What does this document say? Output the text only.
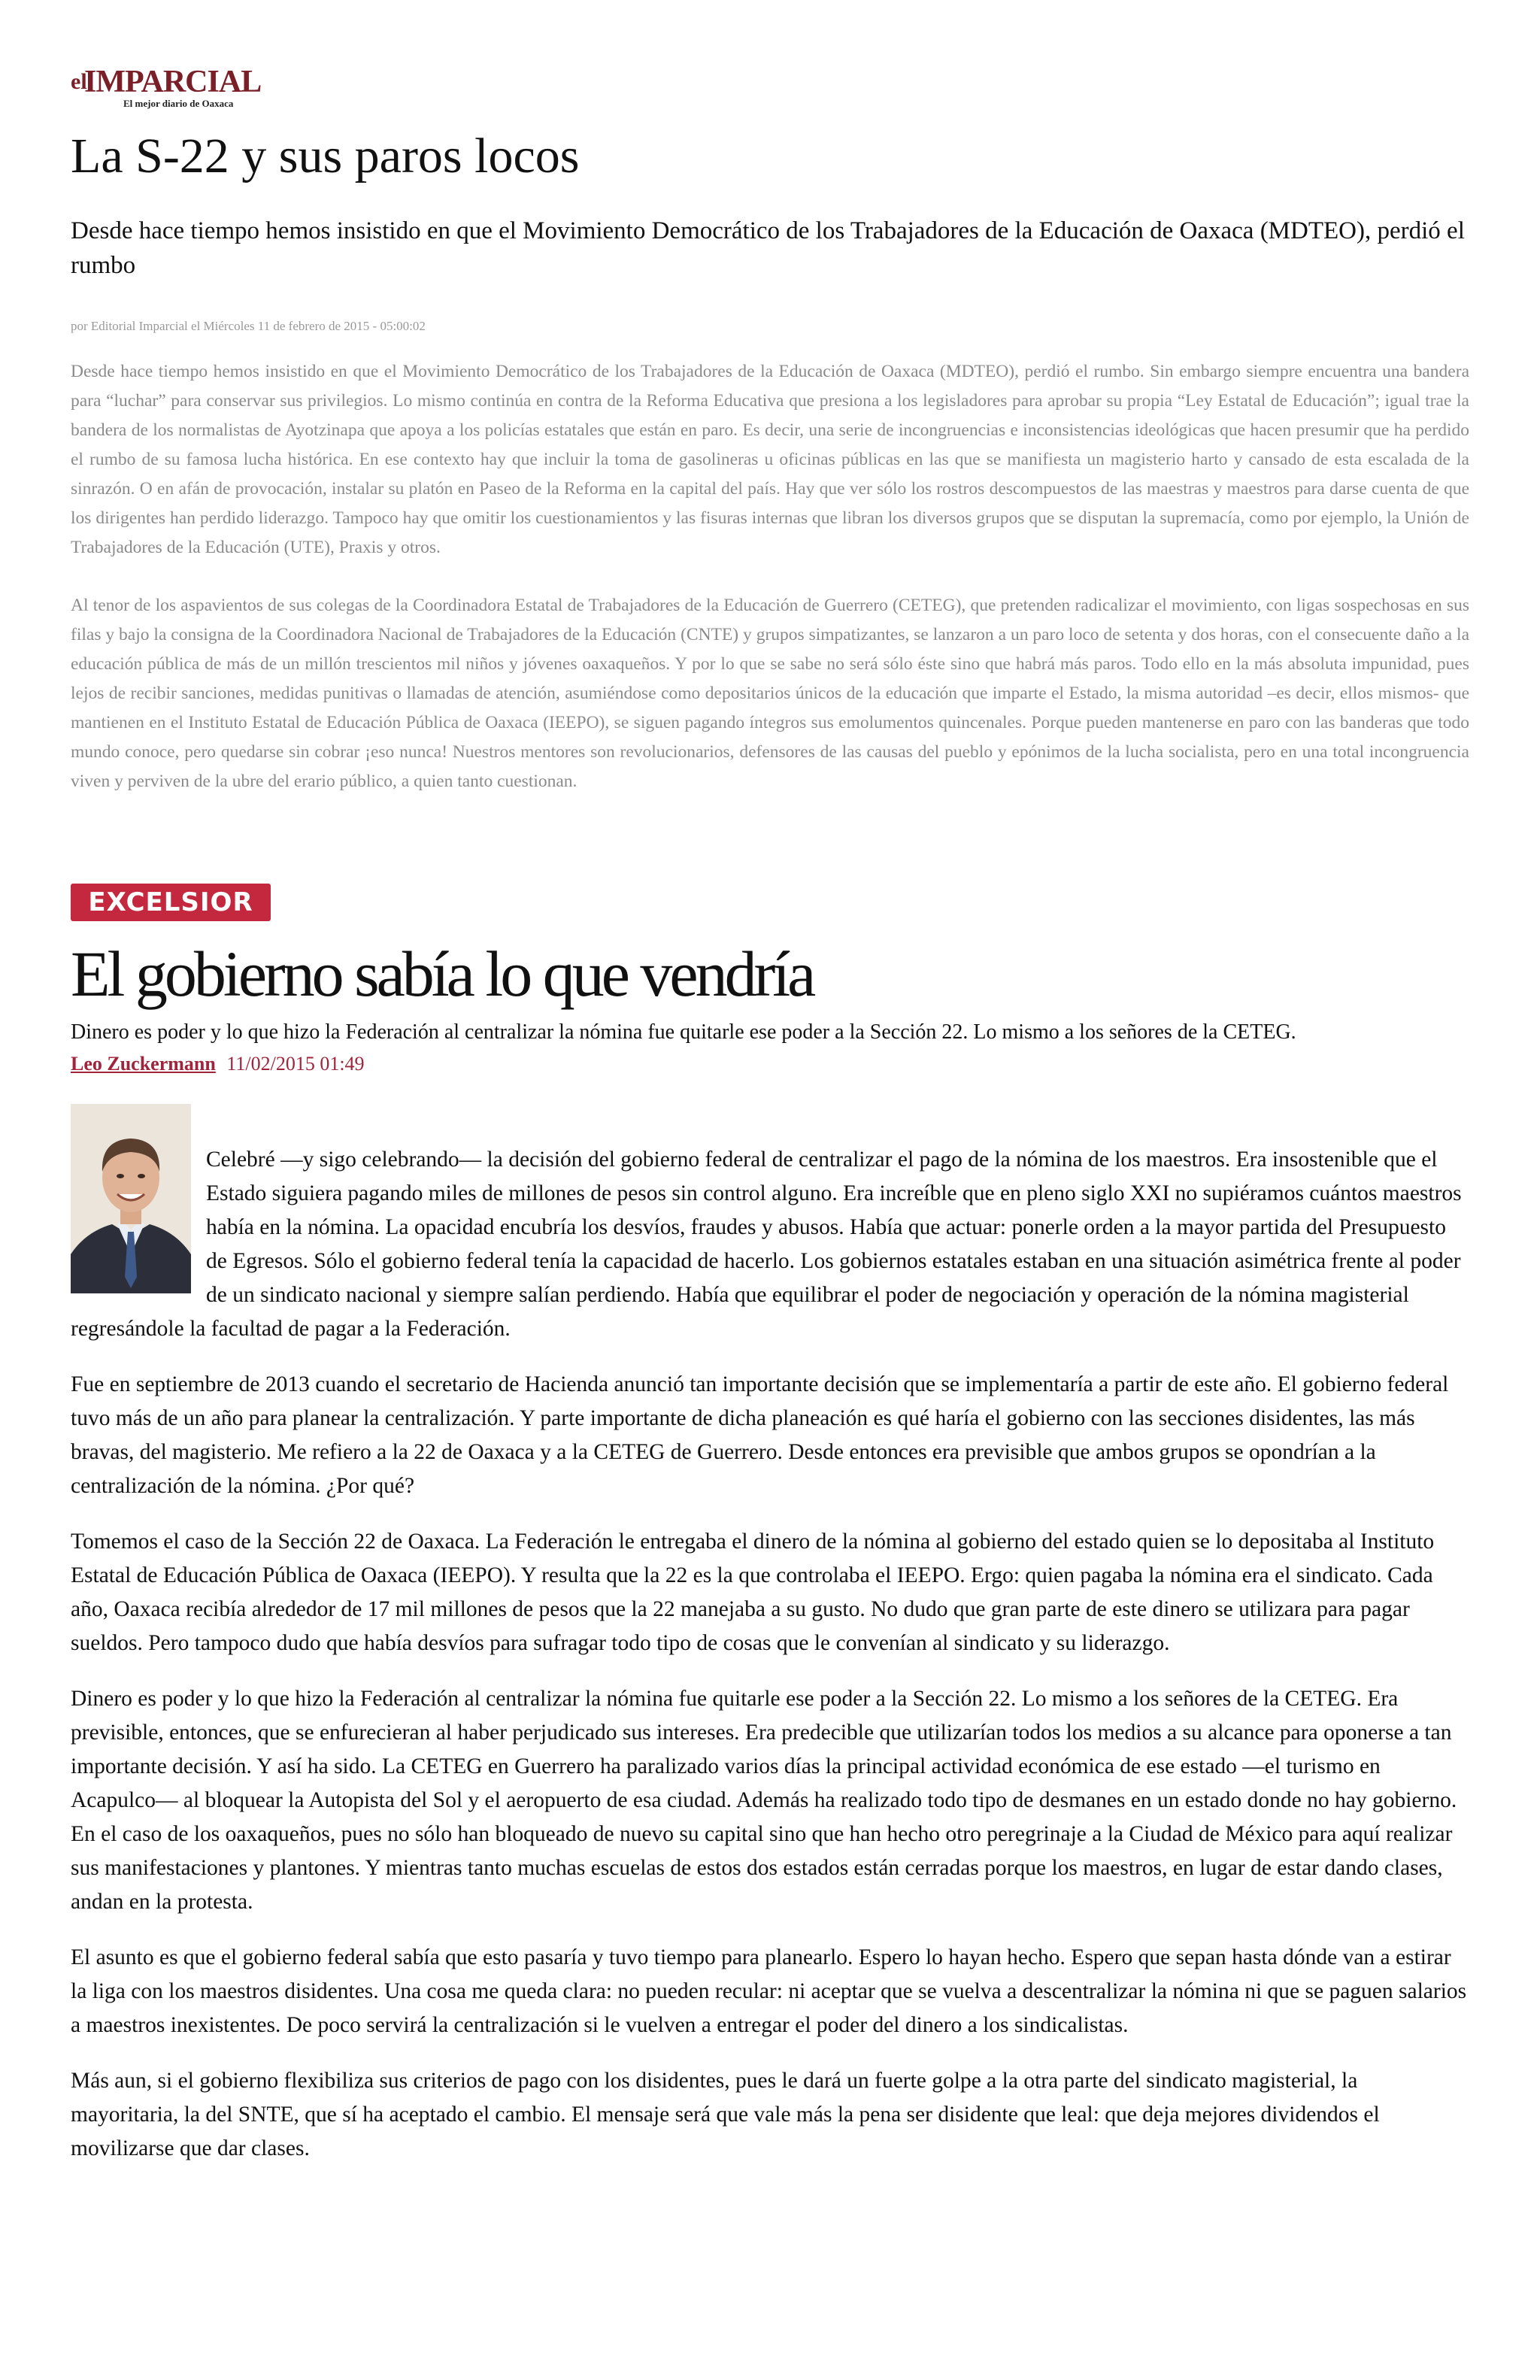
el
IMPARCIAL
El mejor diario de Oaxaca
La S-22 y sus paros locos
Desde hace tiempo hemos insistido en que el Movimiento Democrático de los Trabajadores de la Educación de Oaxaca (MDTEO), perdió el rumbo
por Editorial Imparcial el Miércoles 11 de febrero de 2015 - 05:00:02

Desde hace tiempo hemos insistido en que el Movimiento Democrático de los Trabajadores de la Educación de Oaxaca (MDTEO), perdió el rumbo. Sin embargo siempre encuentra una bandera para “luchar” para conservar sus privilegios. Lo mismo continúa en contra de la Reforma Educativa que presiona a los legisladores para aprobar su propia “Ley Estatal de Educación”; igual trae la bandera de los normalistas de Ayotzinapa que apoya a los policías estatales que están en paro. Es decir, una serie de incongruencias e inconsistencias ideológicas que hacen presumir que ha perdido el rumbo de su famosa lucha histórica. En ese contexto hay que incluir la toma de gasolineras u oficinas públicas en las que se manifiesta un magisterio harto y cansado de esta escalada de la sinrazón. O en afán de provocación, instalar su platón en Paseo de la Reforma en la capital del país. Hay que ver sólo los rostros descompuestos de las maestras y maestros para darse cuenta de que los dirigentes han perdido liderazgo. Tampoco hay que omitir los cuestionamientos y las fisuras internas que libran los diversos grupos que se disputan la supremacía, como por ejemplo, la Unión de Trabajadores de la Educación (UTE), Praxis y otros.

Al tenor de los aspavientos de sus colegas de la Coordinadora Estatal de Trabajadores de la Educación de Guerrero (CETEG), que pretenden radicalizar el movimiento, con ligas sospechosas en sus filas y bajo la consigna de la Coordinadora Nacional de Trabajadores de la Educación (CNTE) y grupos simpatizantes, se lanzaron a un paro loco de setenta y dos horas, con el consecuente daño a la educación pública de más de un millón trescientos mil niños y jóvenes oaxaqueños. Y por lo que se sabe no será sólo éste sino que habrá más paros. Todo ello en la más absoluta impunidad, pues lejos de recibir sanciones, medidas punitivas o llamadas de atención, asumiéndose como depositarios únicos de la educación que imparte el Estado, la misma autoridad –es decir, ellos mismos- que mantienen en el Instituto Estatal de Educación Pública de Oaxaca (IEEPO), se siguen pagando íntegros sus emolumentos quincenales. Porque pueden mantenerse en paro con las banderas que todo mundo conoce, pero quedarse sin cobrar ¡eso nunca! Nuestros mentores son revolucionarios, defensores de las causas del pueblo y epónimos de la lucha socialista, pero en una total incongruencia viven y perviven de la ubre del erario público, a quien tanto cuestionan.

EXCELSIOR
El gobierno sabía lo que vendría
Dinero es poder y lo que hizo la Federación al centralizar la nómina fue quitarle ese poder a la Sección 22. Lo mismo a los señores de la CETEG.
Leo Zuckermann 11/02/2015 01:49

Celebré —y sigo celebrando— la decisión del gobierno federal de centralizar el pago de la nómina de los maestros. Era insostenible que el Estado siguiera pagando miles de millones de pesos sin control alguno. Era increíble que en pleno siglo XXI no supiéramos cuántos maestros había en la nómina. La opacidad encubría los desvíos, fraudes y abusos. Había que actuar: ponerle orden a la mayor partida del Presupuesto de Egresos. Sólo el gobierno federal tenía la capacidad de hacerlo. Los gobiernos estatales estaban en una situación asimétrica frente al poder de un sindicato nacional y siempre salían perdiendo. Había que equilibrar el poder de negociación y operación de la nómina magisterial regresándole la facultad de pagar a la Federación.

Fue en septiembre de 2013 cuando el secretario de Hacienda anunció tan importante decisión que se implementaría a partir de este año. El gobierno federal tuvo más de un año para planear la centralización. Y parte importante de dicha planeación es qué haría el gobierno con las secciones disidentes, las más bravas, del magisterio. Me refiero a la 22 de Oaxaca y a la CETEG de Guerrero. Desde entonces era previsible que ambos grupos se opondrían a la centralización de la nómina. ¿Por qué?

Tomemos el caso de la Sección 22 de Oaxaca. La Federación le entregaba el dinero de la nómina al gobierno del estado quien se lo depositaba al Instituto Estatal de Educación Pública de Oaxaca (IEEPO). Y resulta que la 22 es la que controlaba el IEEPO. Ergo: quien pagaba la nómina era el sindicato. Cada año, Oaxaca recibía alrededor de 17 mil millones de pesos que la 22 manejaba a su gusto. No dudo que gran parte de este dinero se utilizara para pagar sueldos. Pero tampoco dudo que había desvíos para sufragar todo tipo de cosas que le convenían al sindicato y su liderazgo.

Dinero es poder y lo que hizo la Federación al centralizar la nómina fue quitarle ese poder a la Sección 22. Lo mismo a los señores de la CETEG. Era previsible, entonces, que se enfurecieran al haber perjudicado sus intereses. Era predecible que utilizarían todos los medios a su alcance para oponerse a tan importante decisión. Y así ha sido. La CETEG en Guerrero ha paralizado varios días la principal actividad económica de ese estado —el turismo en Acapulco— al bloquear la Autopista del Sol y el aeropuerto de esa ciudad. Además ha realizado todo tipo de desmanes en un estado donde no hay gobierno. En el caso de los oaxaqueños, pues no sólo han bloqueado de nuevo su capital sino que han hecho otro peregrinaje a la Ciudad de México para aquí realizar sus manifestaciones y plantones. Y mientras tanto muchas escuelas de estos dos estados están cerradas porque los maestros, en lugar de estar dando clases, andan en la protesta.

El asunto es que el gobierno federal sabía que esto pasaría y tuvo tiempo para planearlo. Espero lo hayan hecho. Espero que sepan hasta dónde van a estirar la liga con los maestros disidentes. Una cosa me queda clara: no pueden recular: ni aceptar que se vuelva a descentralizar la nómina ni que se paguen salarios a maestros inexistentes. De poco servirá la centralización si le vuelven a entregar el poder del dinero a los sindicalistas.

Más aun, si el gobierno flexibiliza sus criterios de pago con los disidentes, pues le dará un fuerte golpe a la otra parte del sindicato magisterial, la mayoritaria, la del SNTE, que sí ha aceptado el cambio. El mensaje será que vale más la pena ser disidente que leal: que deja mejores dividendos el movilizarse que dar clases.
